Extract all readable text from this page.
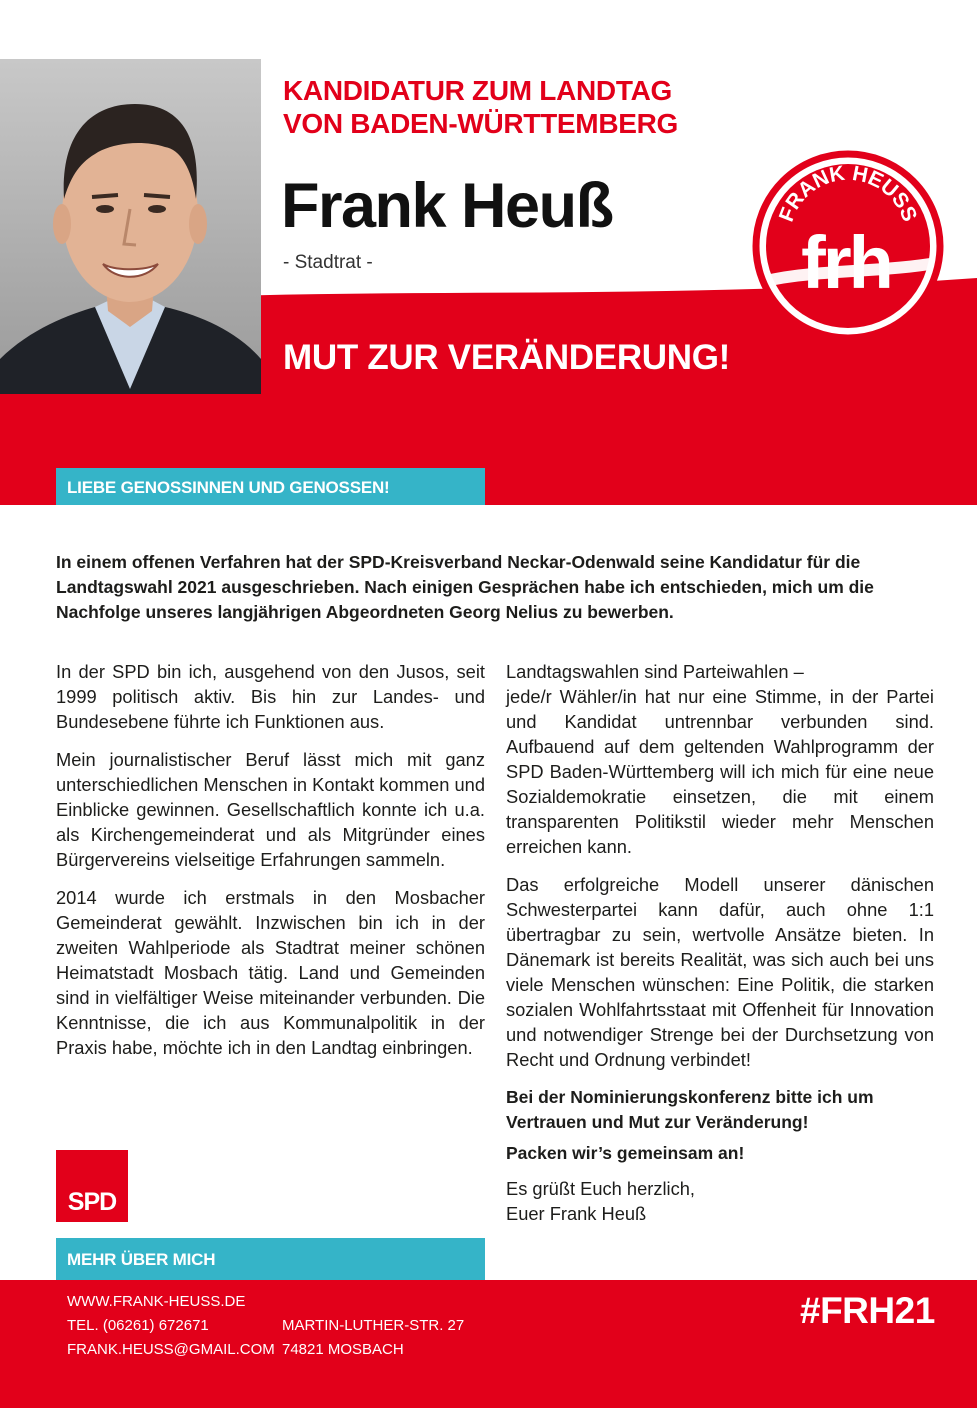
KANDIDATUR ZUM LANDTAG
VON BADEN-WÜRTTEMBERG
Frank Heuß
- Stadtrat -
MUT ZUR VERÄNDERUNG!
FRANK HEUSS
frh
LIEBE GENOSSINNEN UND GENOSSEN!

In einem offenen Verfahren hat der SPD-Kreisverband Neckar-Odenwald seine Kandidatur für die Landtagswahl 2021 ausgeschrieben. Nach einigen Gesprächen habe ich entschieden, mich um die Nachfolge unseres langjährigen Abgeordneten Georg Nelius zu bewerben.

In der SPD bin ich, ausgehend von den Jusos, seit 1999 politisch aktiv. Bis hin zur Landes- und Bundesebene führte ich Funktionen aus.

Mein journalistischer Beruf lässt mich mit ganz unterschiedlichen Menschen in Kontakt kommen und Einblicke gewinnen. Gesellschaftlich konnte ich u.a. als Kirchengemeinderat und als Mitgründer eines Bürgervereins vielseitige Erfahrungen sammeln.

2014 wurde ich erstmals in den Mosbacher Gemeinderat gewählt. Inzwischen bin ich in der zweiten Wahlperiode als Stadtrat meiner schönen Heimatstadt Mosbach tätig. Land und Gemeinden sind in vielfältiger Weise miteinander verbunden. Die Kenntnisse, die ich aus Kommunalpolitik in der Praxis habe, möchte ich in den Landtag einbringen.

Landtagswahlen sind Parteiwahlen –

jede/r Wähler/in hat nur eine Stimme, in der Partei und Kandidat untrennbar verbunden sind. Aufbauend auf dem geltenden Wahlprogramm der SPD Baden-Württemberg will ich mich für eine neue Sozialdemokratie einsetzen, die mit einem transparenten Politikstil wieder mehr Menschen erreichen kann.

Das erfolgreiche Modell unserer dänischen Schwesterpartei kann dafür, auch ohne 1:1 übertragbar zu sein, wertvolle Ansätze bieten. In Dänemark ist bereits Realität, was sich auch bei uns viele Menschen wünschen: Eine Politik, die starken sozialen Wohlfahrtsstaat mit Offenheit für Innovation und notwendiger Strenge bei der Durchsetzung von Recht und Ordnung verbindet!

Bei der Nominierungskonferenz bitte ich um Vertrauen und Mut zur Veränderung!

Packen wir’s gemeinsam an!

Es grüßt Euch herzlich,

Euer Frank Heuß

SPD
MEHR ÜBER MICH
WWW.FRANK-HEUSS.DE
TEL. (06261) 672671
FRANK.HEUSS@GMAIL.COM
MARTIN-LUTHER-STR. 27
74821 MOSBACH
#FRH21
